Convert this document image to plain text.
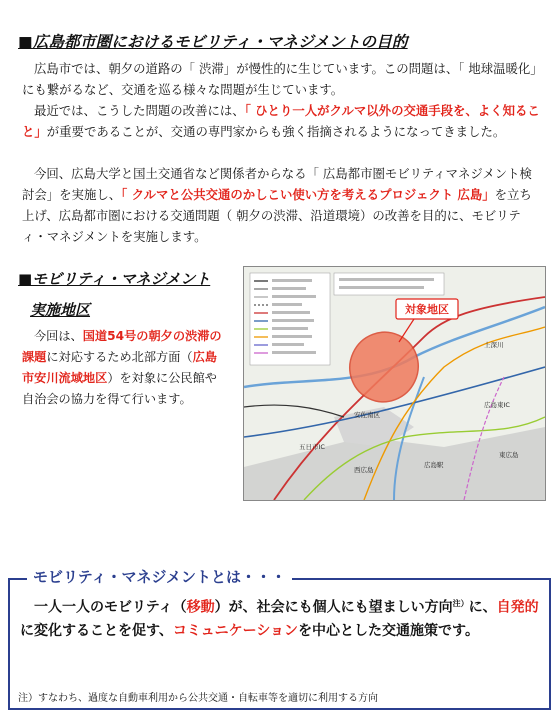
■広島都市圏におけるモビリティ・マネジメントの目的

広島市では、朝夕の道路の「 渋滞」が慢性的に生じています。この問題は、「 地球温暖化」にも繋がるなど、交通を巡る様々な問題が生じています。

最近では、こうした問題の改善には、「 ひとり一人がクルマ以外の交通手段を、よく知ること」が重要であることが、交通の専門家からも強く指摘されるようになってきました。

今回、広島大学と国土交通省など関係者からなる「 広島都市圏モビリティマネジメント検討会」を実施し、「 クルマと公共交通のかしこい使い方を考えるプロジェクト 広島」を立ち上げ、広島都市圏における交通問題（ 朝夕の渋滞、沿道環境）の改善を目的に、モビリティ・マネジメントを実施します。

■モビリティ・マネジメント
実施地区

今回は、国道54号の朝夕の渋滞の課題に対応するため北部方面（広島市安川流域地区）を対象に公民館や自治会の協力を得て行います。

対象地区
上深川
安佐南区
五日市IC
広島東IC
広島駅
西広島
東広島
モビリティ・マネジメントとは・・・

一人一人のモビリティ（移動）が、社会にも個人にも望ましい方向$^{注)}$に、自発的に変化することを促す、コミュニケーションを中心とした交通施策です。

注）すなわち、過度な自動車利用から公共交通・自転車等を適切に利用する方向
